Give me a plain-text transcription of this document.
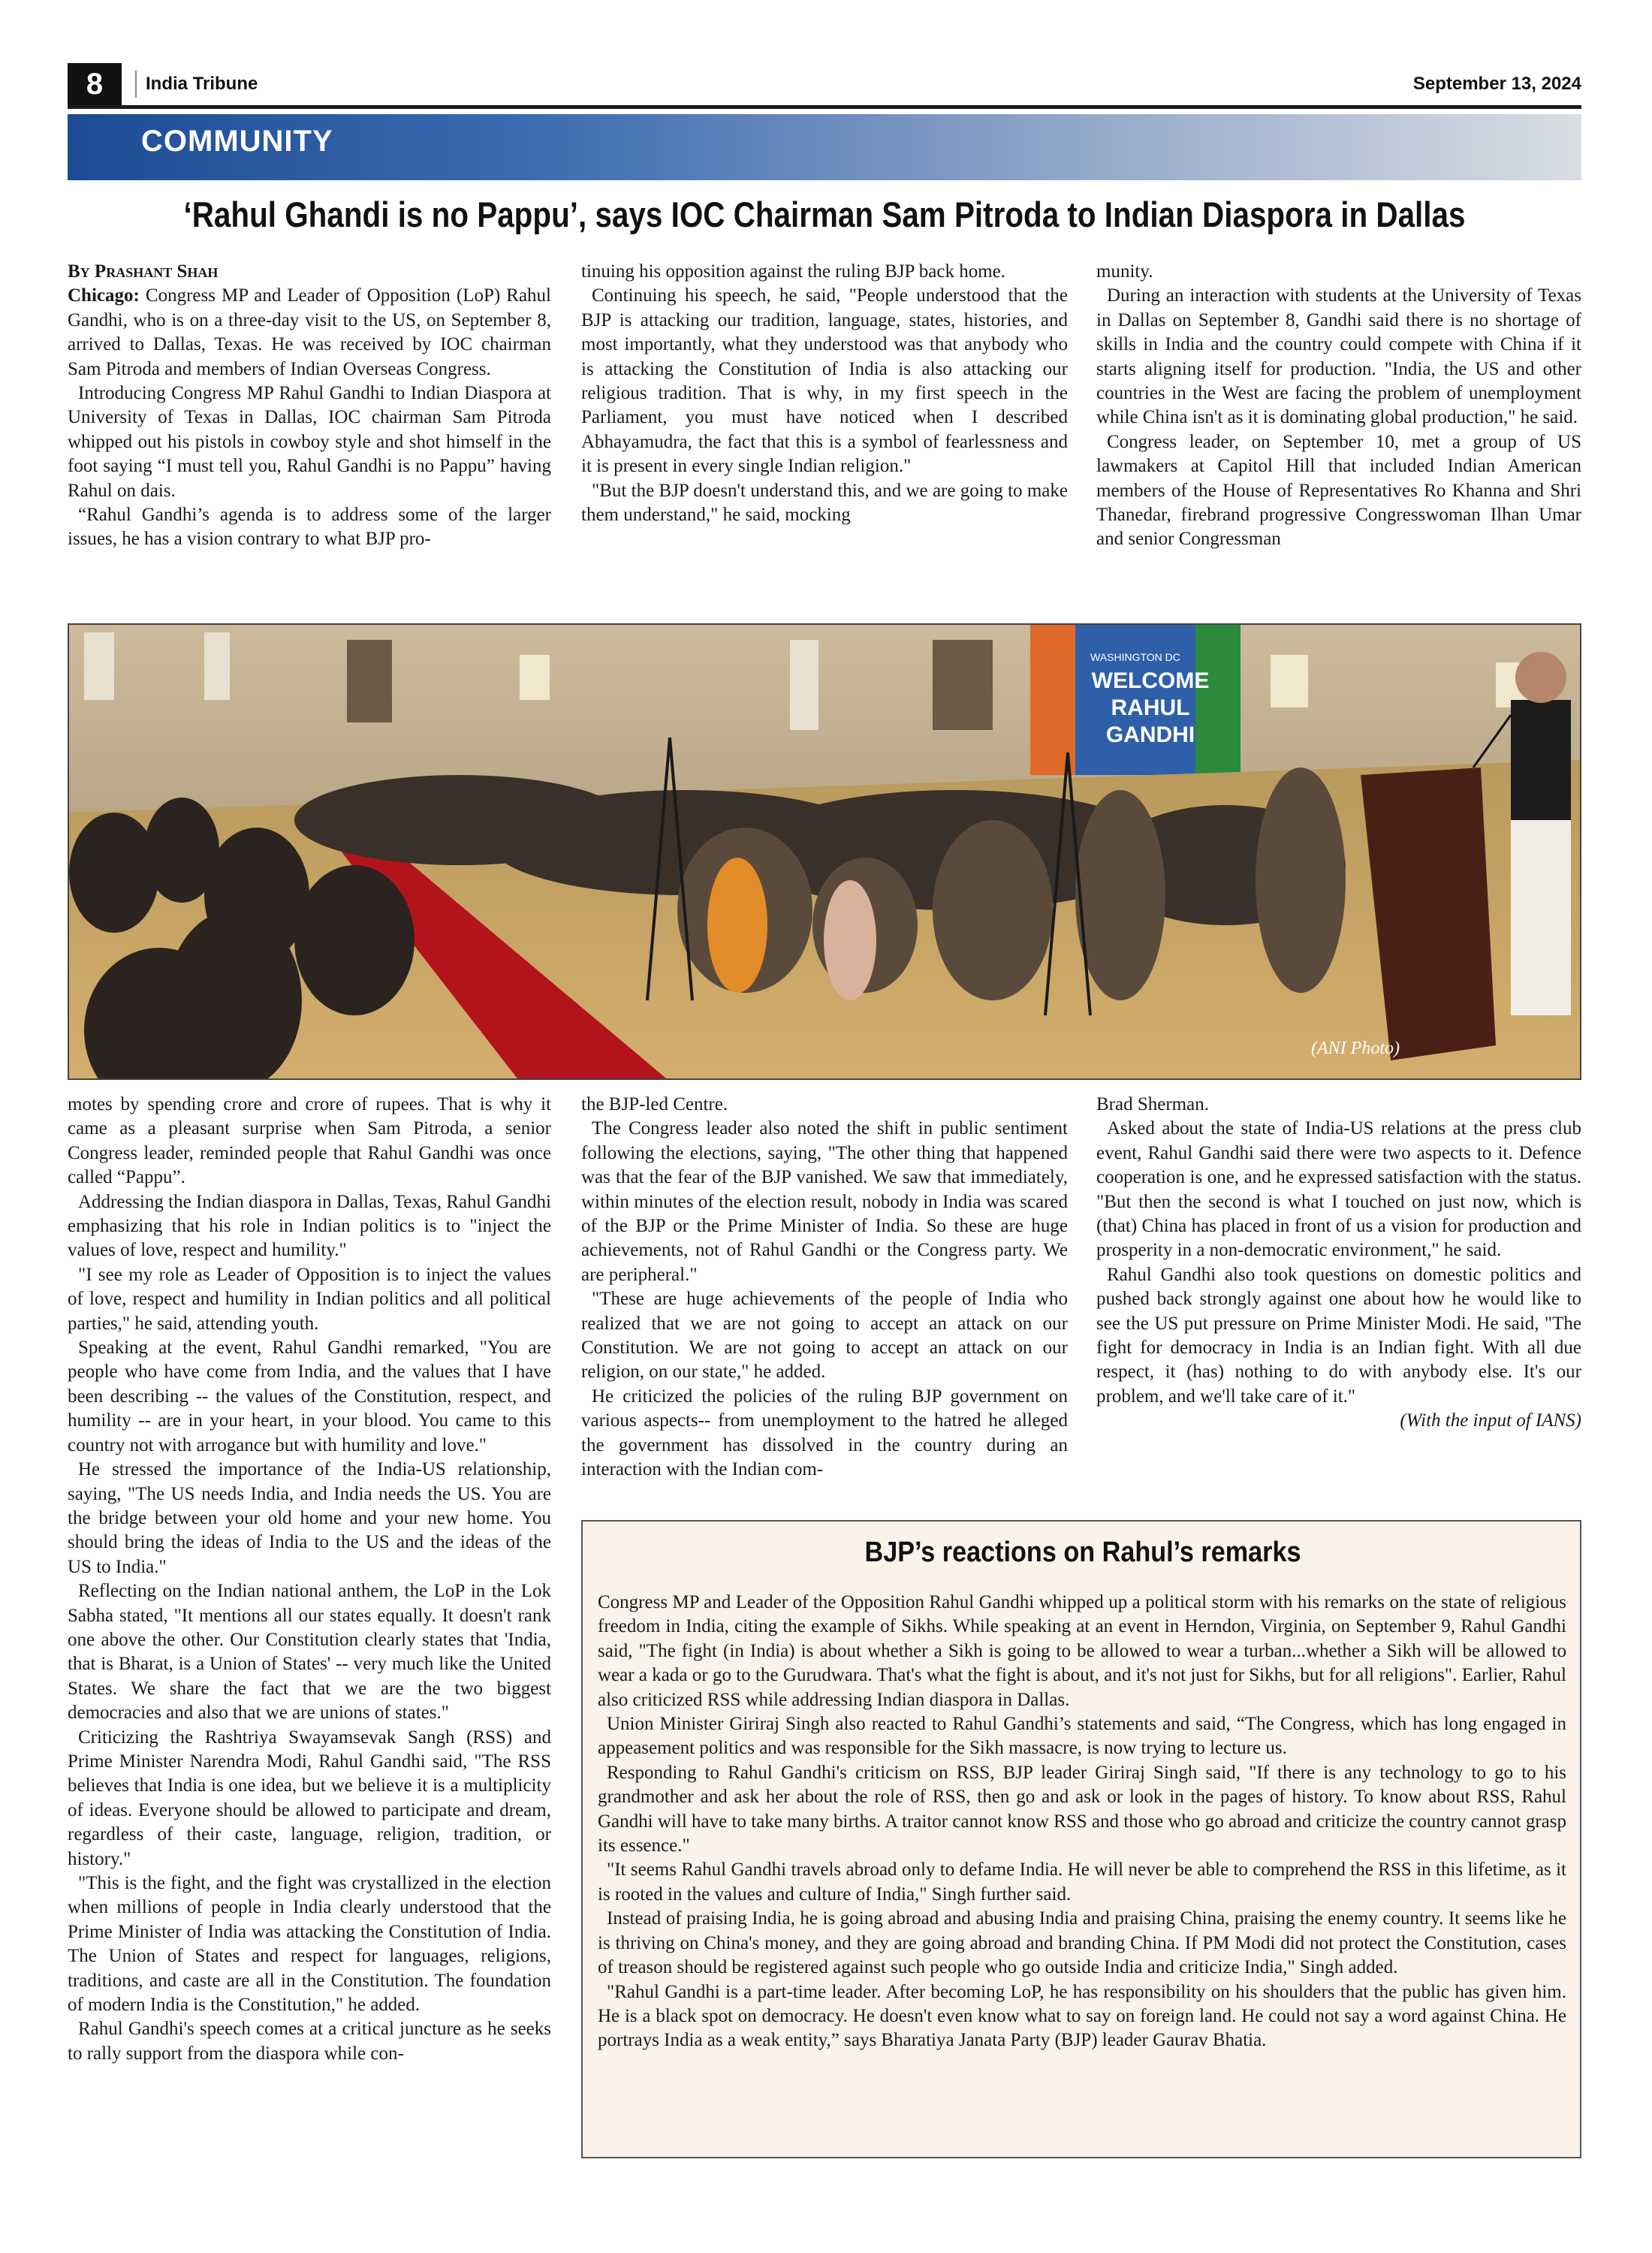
8	India Tribune	September 13, 2024
COMMUNITY
‘Rahul Ghandi is no Pappu’, says IOC Chairman Sam Pitroda to Indian Diaspora in Dallas

By Prashant Shah

Chicago: Congress MP and Leader of Opposition (LoP) Rahul Gandhi, who is on a three-day visit to the US, on September 8, arrived to Dallas, Texas. He was received by IOC chairman Sam Pitroda and members of Indian Overseas Congress.

Introducing Congress MP Rahul Gandhi to Indian Diaspora at University of Texas in Dallas, IOC chairman Sam Pitroda whipped out his pistols in cowboy style and shot himself in the foot saying “I must tell you, Rahul Gandhi is no Pappu” having Rahul on dais.

“Rahul Gandhi’s agenda is to address some of the larger issues, he has a vision contrary to what BJP pro-

tinuing his opposition against the ruling BJP back home.

Continuing his speech, he said, "People understood that the BJP is attacking our tradition, language, states, histories, and most importantly, what they understood was that anybody who is attacking the Constitution of India is also attacking our religious tradition. That is why, in my first speech in the Parliament, you must have noticed when I described Abhayamudra, the fact that this is a symbol of fearlessness and it is present in every single Indian religion."

"But the BJP doesn't understand this, and we are going to make them understand," he said, mocking

munity.

During an interaction with students at the University of Texas in Dallas on September 8, Gandhi said there is no shortage of skills in India and the country could compete with China if it starts aligning itself for production. "India, the US and other countries in the West are facing the problem of unemployment while China isn't as it is dominating global production," he said.

Congress leader, on September 10, met a group of US lawmakers at Capitol Hill that included Indian American members of the House of Representatives Ro Khanna and Shri Thanedar, firebrand progressive Congresswoman Ilhan Umar and senior Congressman

WASHINGTON DC
WELCOME
RAHUL
GANDHI
(ANI Photo)

motes by spending crore and crore of rupees. That is why it came as a pleasant surprise when Sam Pitroda, a senior Congress leader, reminded people that Rahul Gandhi was once called “Pappu”.

Addressing the Indian diaspora in Dallas, Texas, Rahul Gandhi emphasizing that his role in Indian politics is to "inject the values of love, respect and humility."

"I see my role as Leader of Opposition is to inject the values of love, respect and humility in Indian politics and all political parties," he said, attending youth.

Speaking at the event, Rahul Gandhi remarked, "You are people who have come from India, and the values that I have been describing -- the values of the Constitution, respect, and humility -- are in your heart, in your blood. You came to this country not with arrogance but with humility and love."

He stressed the importance of the India-US relationship, saying, "The US needs India, and India needs the US. You are the bridge between your old home and your new home. You should bring the ideas of India to the US and the ideas of the US to India."

Reflecting on the Indian national anthem, the LoP in the Lok Sabha stated, "It mentions all our states equally. It doesn't rank one above the other. Our Constitution clearly states that 'India, that is Bharat, is a Union of States' -- very much like the United States. We share the fact that we are the two biggest democracies and also that we are unions of states."

Criticizing the Rashtriya Swayamsevak Sangh (RSS) and Prime Minister Narendra Modi, Rahul Gandhi said, "The RSS believes that India is one idea, but we believe it is a multiplicity of ideas. Everyone should be allowed to participate and dream, regardless of their caste, language, religion, tradition, or history."

"This is the fight, and the fight was crystallized in the election when millions of people in India clearly understood that the Prime Minister of India was attacking the Constitution of India. The Union of States and respect for languages, religions, traditions, and caste are all in the Constitution. The foundation of modern India is the Constitution," he added.

Rahul Gandhi's speech comes at a critical juncture as he seeks to rally support from the diaspora while con-

the BJP-led Centre.

The Congress leader also noted the shift in public sentiment following the elections, saying, "The other thing that happened was that the fear of the BJP vanished. We saw that immediately, within minutes of the election result, nobody in India was scared of the BJP or the Prime Minister of India. So these are huge achievements, not of Rahul Gandhi or the Congress party. We are peripheral."

"These are huge achievements of the people of India who realized that we are not going to accept an attack on our Constitution. We are not going to accept an attack on our religion, on our state," he added.

He criticized the policies of the ruling BJP government on various aspects-- from unemployment to the hatred he alleged the government has dissolved in the country during an interaction with the Indian com-

Brad Sherman.

Asked about the state of India-US relations at the press club event, Rahul Gandhi said there were two aspects to it. Defence cooperation is one, and he expressed satisfaction with the status. "But then the second is what I touched on just now, which is (that) China has placed in front of us a vision for production and prosperity in a non-democratic environment," he said.

Rahul Gandhi also took questions on domestic politics and pushed back strongly against one about how he would like to see the US put pressure on Prime Minister Modi. He said, "The fight for democracy in India is an Indian fight. With all due respect, it (has) nothing to do with anybody else. It's our problem, and we'll take care of it."

(With the input of IANS)

BJP’s reactions on Rahul’s remarks

Congress MP and Leader of the Opposition Rahul Gandhi whipped up a political storm with his remarks on the state of religious freedom in India, citing the example of Sikhs. While speaking at an event in Herndon, Virginia, on September 9, Rahul Gandhi said, "The fight (in India) is about whether a Sikh is going to be allowed to wear a turban...whether a Sikh will be allowed to wear a kada or go to the Gurudwara. That's what the fight is about, and it's not just for Sikhs, but for all religions". Earlier, Rahul also criticized RSS while addressing Indian diaspora in Dallas.

Union Minister Giriraj Singh also reacted to Rahul Gandhi’s statements and said, “The Congress, which has long engaged in appeasement politics and was responsible for the Sikh massacre, is now trying to lecture us.

Responding to Rahul Gandhi's criticism on RSS, BJP leader Giriraj Singh said, "If there is any technology to go to his grandmother and ask her about the role of RSS, then go and ask or look in the pages of history. To know about RSS, Rahul Gandhi will have to take many births. A traitor cannot know RSS and those who go abroad and criticize the country cannot grasp its essence."

"It seems Rahul Gandhi travels abroad only to defame India. He will never be able to comprehend the RSS in this lifetime, as it is rooted in the values and culture of India," Singh further said.

Instead of praising India, he is going abroad and abusing India and praising China, praising the enemy country. It seems like he is thriving on China's money, and they are going abroad and branding China. If PM Modi did not protect the Constitution, cases of treason should be registered against such people who go outside India and criticize India," Singh added.

"Rahul Gandhi is a part-time leader. After becoming LoP, he has responsibility on his shoulders that the public has given him. He is a black spot on democracy. He doesn't even know what to say on foreign land. He could not say a word against China. He portrays India as a weak entity,” says Bharatiya Janata Party (BJP) leader Gaurav Bhatia.
